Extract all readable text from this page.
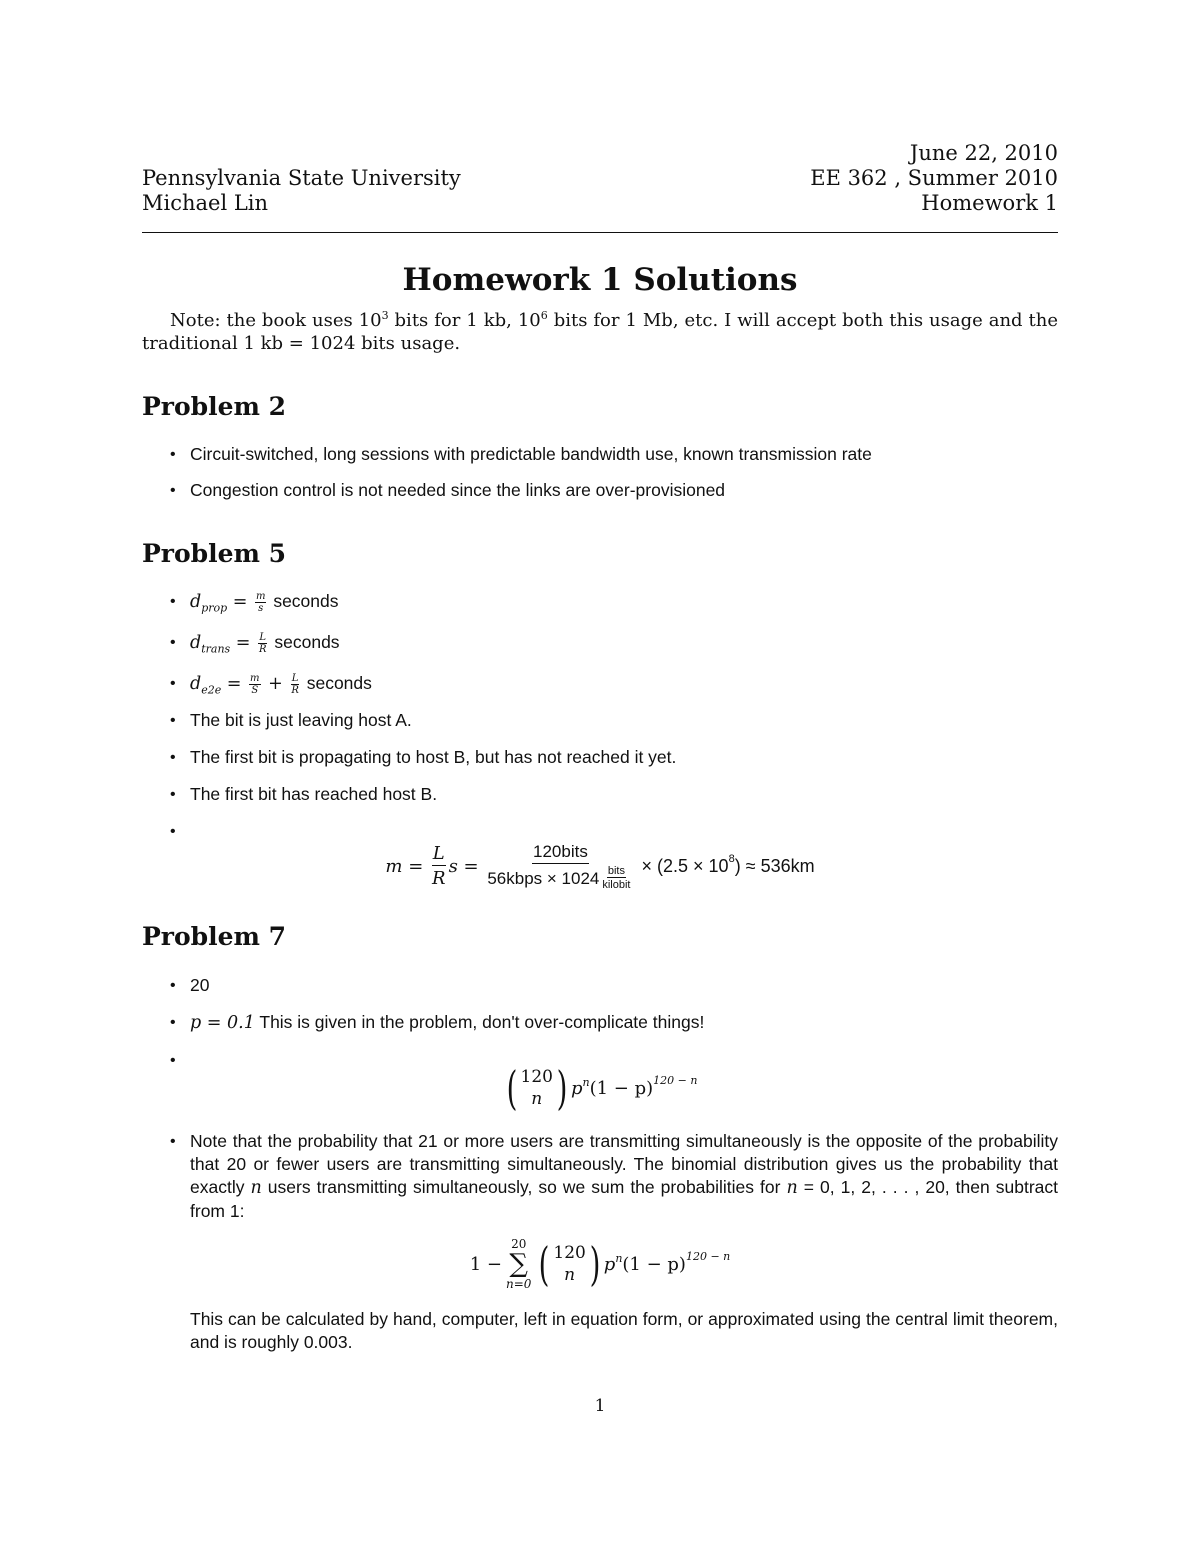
June 22, 2010
Pennsylvania State University	EE 362 , Summer 2010
Michael Lin	Homework 1
Homework 1 Solutions
Note: the book uses $10^3$ bits for 1 kb, $10^6$ bits for 1 Mb, etc. I will accept both this usage and the traditional 1 kb = 1024 bits usage.
Problem 2
• Circuit-switched, long sessions with predictable bandwidth use, known transmission rate
• Congestion control is not needed since the links are over-provisioned
Problem 5
• $d_{prop} = \frac{m}{s}$ seconds
• $d_{trans} = \frac{L}{R}$ seconds
• $d_{e2e} = \frac{m}{S} + \frac{L}{R}$ seconds
• The bit is just leaving host A.
• The first bit is propagating to host B, but has not reached it yet.
• The first bit has reached host B.
•
$m = \frac{L}{R}$ $s = \frac{\text{120bits}}{56kbps \times 1024 \frac{\text{bits}}{\text{kilobit}}} \times (2.5 \times 10^8$ ) ≈ 536km
Problem 7
• 20
• p = 0.1 This is given in the problem, don't over-complicate things!
•
( 120
n ) $p^n$ $(1 - p)^{120 - n}$
• Note that the probability that 21 or more users are transmitting simultaneously is the opposite of the probability that 20 or fewer users are transmitting simultaneously. The binomial distribution gives us the probability that exactly n users transmitting simultaneously, so we sum the probabilities for n = 0, 1, 2, . . . , 20, then subtract from 1:
1 −
20
∑
n=0 ( 120
n ) $p^n$ $(1 - p)^{120 - n}$
This can be calculated by hand, computer, left in equation form, or approximated using the central limit theorem, and is roughly 0.003.
1
